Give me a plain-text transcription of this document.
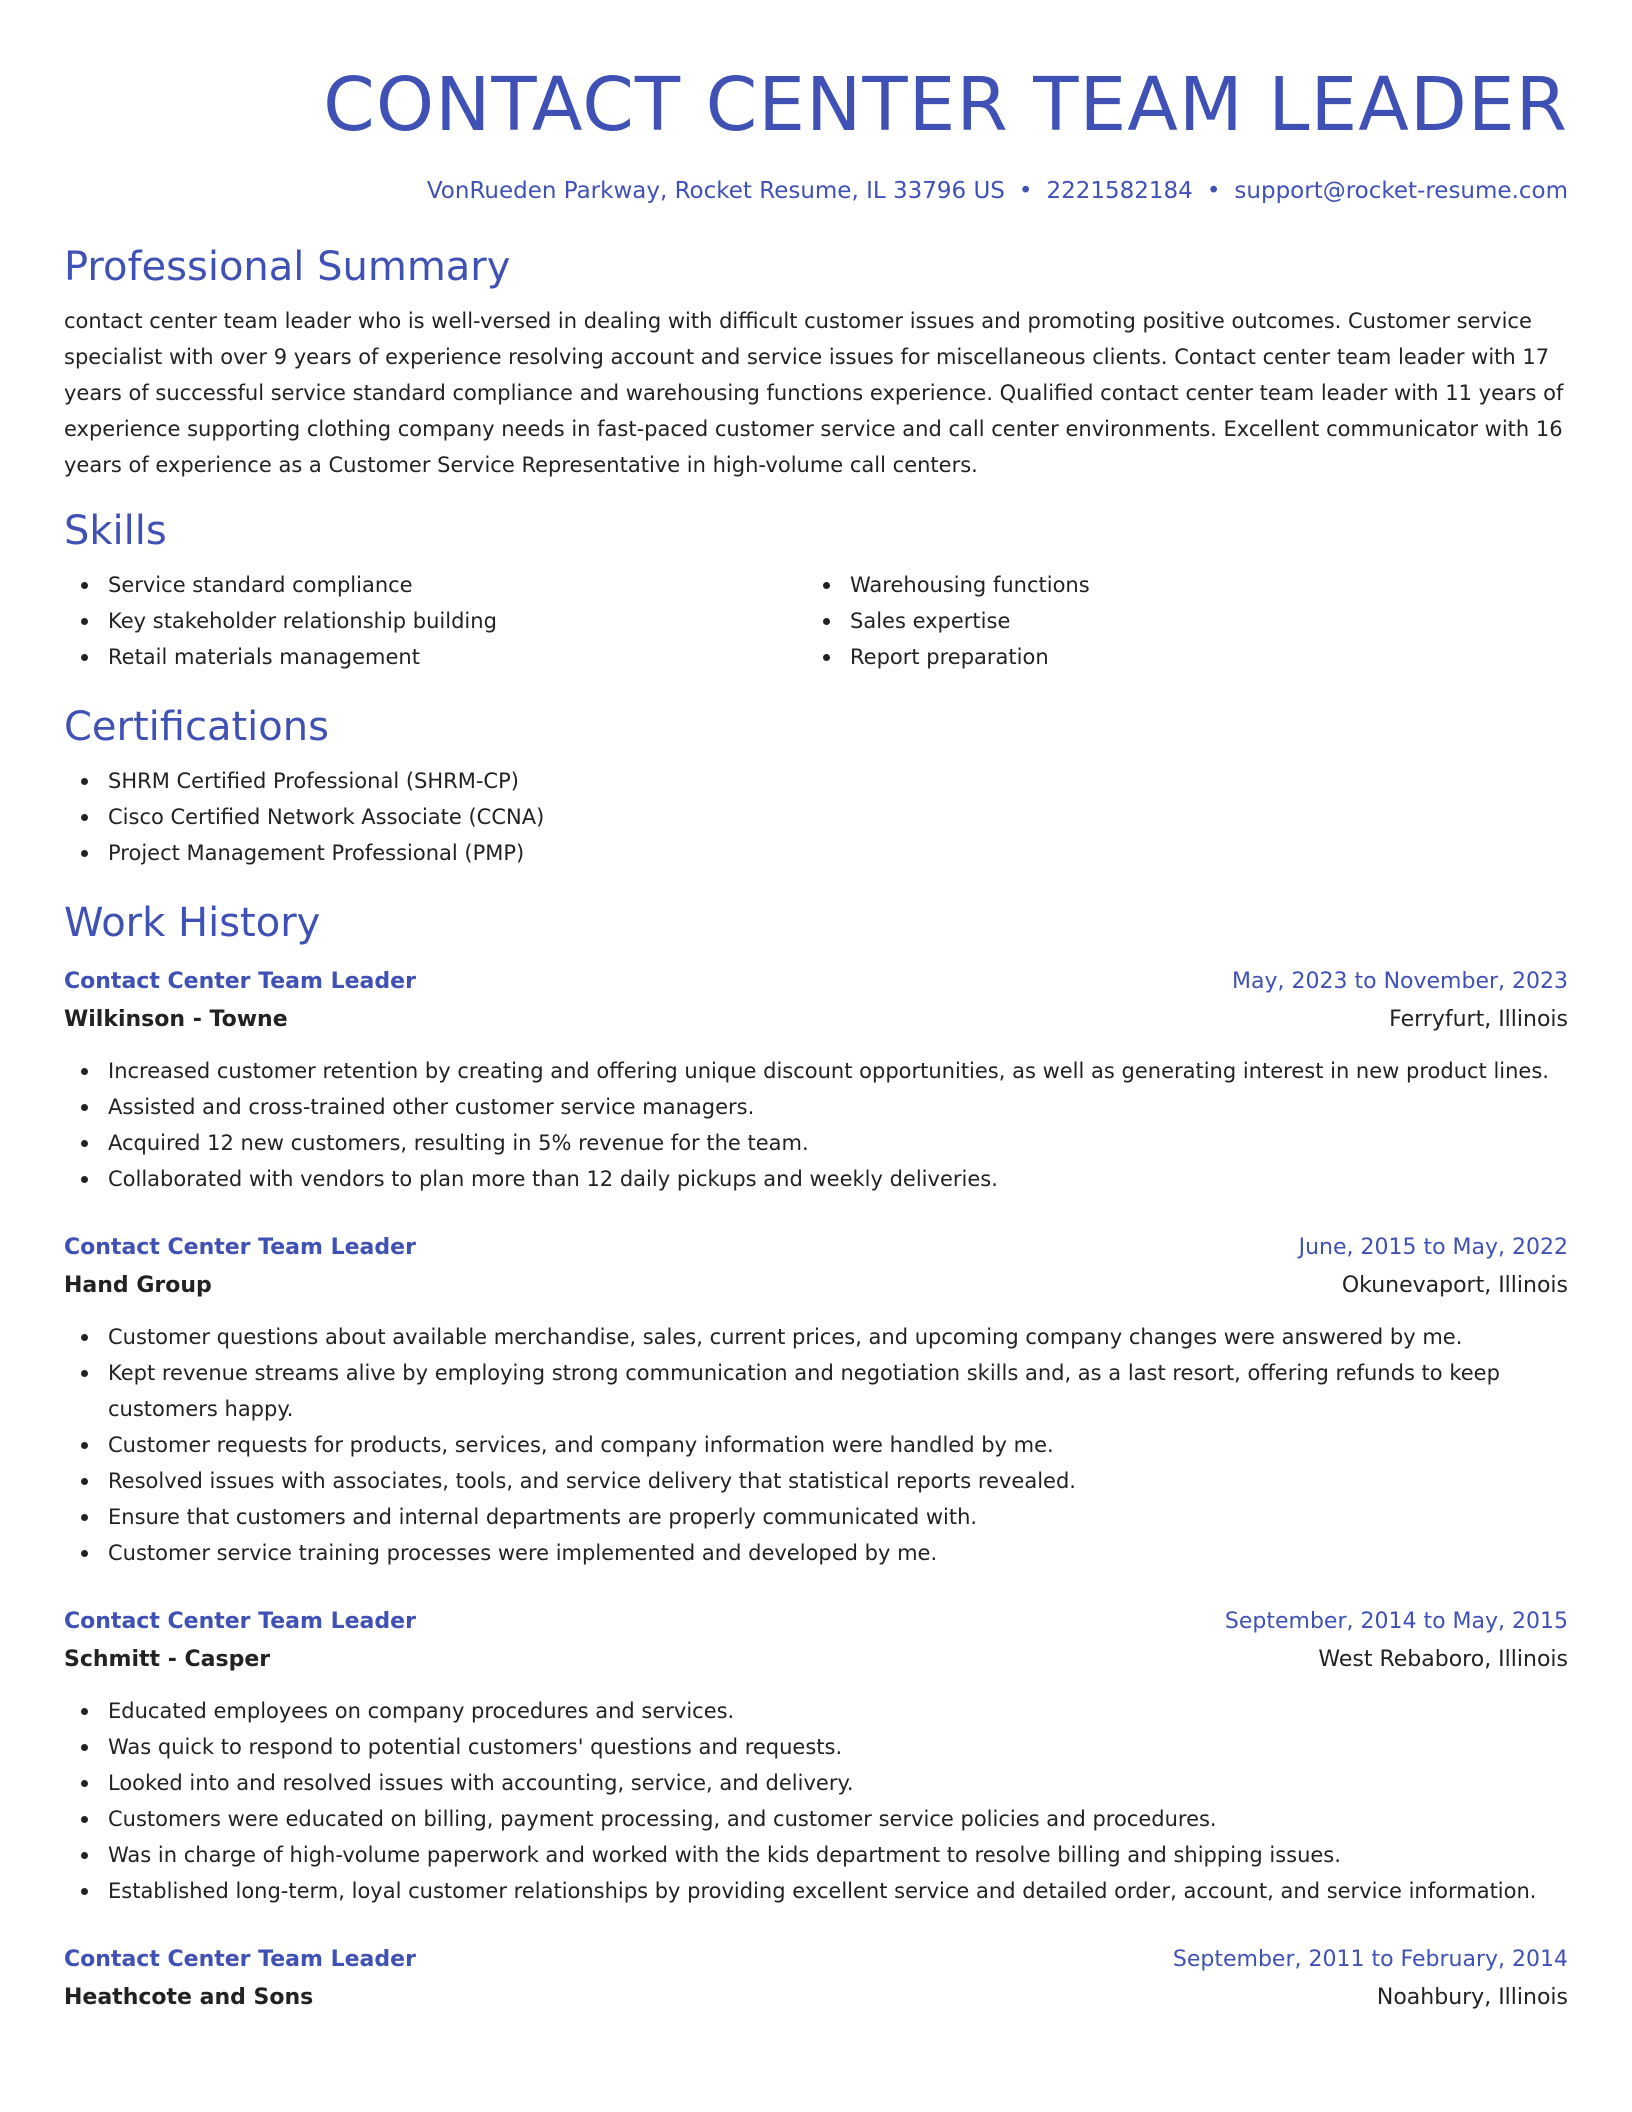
CONTACT CENTER TEAM LEADER
VonRueden Parkway, Rocket Resume, IL 33796 US • 2221582184 • support@rocket-resume.com
Professional Summary

contact center team leader who is well-versed in dealing with difficult customer issues and promoting positive outcomes. Customer service specialist with over 9 years of experience resolving account and service issues for miscellaneous clients. Contact center team leader with 17 years of successful service standard compliance and warehousing functions experience. Qualified contact center team leader with 11 years of experience supporting clothing company needs in fast-paced customer service and call center environments. Excellent communicator with 16 years of experience as a Customer Service Representative in high-volume call centers.

Skills
Service standard compliance
Key stakeholder relationship building
Retail materials management
Warehousing functions
Sales expertise
Report preparation
Certifications
SHRM Certified Professional (SHRM-CP)
Cisco Certified Network Associate (CCNA)
Project Management Professional (PMP)
Work History
Contact Center Team Leader	May, 2023 to November, 2023
Wilkinson - Towne	Ferryfurt, Illinois
Increased customer retention by creating and offering unique discount opportunities, as well as generating interest in new product lines.
Assisted and cross-trained other customer service managers.
Acquired 12 new customers, resulting in 5% revenue for the team.
Collaborated with vendors to plan more than 12 daily pickups and weekly deliveries.
Contact Center Team Leader	June, 2015 to May, 2022
Hand Group	Okunevaport, Illinois
Customer questions about available merchandise, sales, current prices, and upcoming company changes were answered by me.
Kept revenue streams alive by employing strong communication and negotiation skills and, as a last resort, offering refunds to keep customers happy.
Customer requests for products, services, and company information were handled by me.
Resolved issues with associates, tools, and service delivery that statistical reports revealed.
Ensure that customers and internal departments are properly communicated with.
Customer service training processes were implemented and developed by me.
Contact Center Team Leader	September, 2014 to May, 2015
Schmitt - Casper	West Rebaboro, Illinois
Educated employees on company procedures and services.
Was quick to respond to potential customers' questions and requests.
Looked into and resolved issues with accounting, service, and delivery.
Customers were educated on billing, payment processing, and customer service policies and procedures.
Was in charge of high-volume paperwork and worked with the kids department to resolve billing and shipping issues.
Established long-term, loyal customer relationships by providing excellent service and detailed order, account, and service information.
Contact Center Team Leader	September, 2011 to February, 2014
Heathcote and Sons	Noahbury, Illinois
